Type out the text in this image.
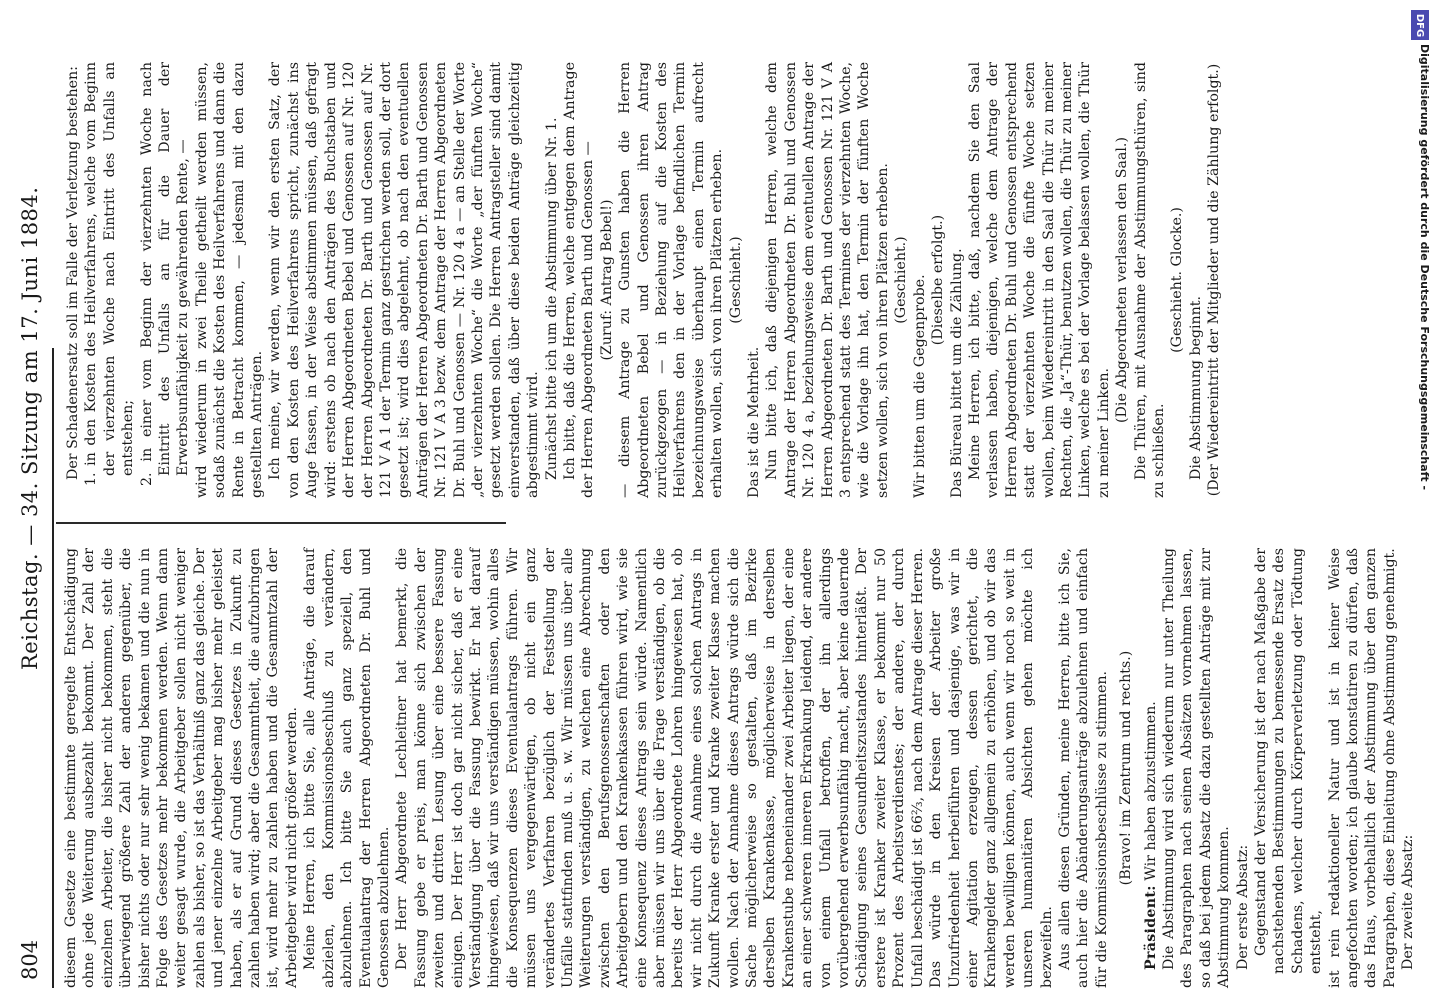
804
Reichstag. — 34. Sitzung am 17. Juni 1884.

diesem Gesetze eine bestimmte geregelte Entschädigung ohne jede Weiterung ausbezahlt bekommt. Der Zahl der einzelnen Arbeiter, die bisher nicht bekommen, steht die überwiegend größere Zahl der anderen gegenüber, die bisher nichts oder nur sehr wenig bekamen und die nun in Folge des Gesetzes mehr bekommen werden. Wenn dann weiter gesagt wurde, die Arbeitgeber sollen nicht weniger zahlen als bisher, so ist das Verhältniß ganz das gleiche. Der und jener einzelne Arbeitgeber mag bisher mehr geleistet haben, als er auf Grund dieses Gesetzes in Zukunft zu zahlen haben wird; aber die Gesammtheit, die aufzubringen ist, wird mehr zu zahlen haben und die Gesammtzahl der Arbeitgeber wird nicht größer werden. Meine Herren, ich bitte Sie, alle Anträge, die darauf abzielen, den Kommissionsbeschluß zu verändern, abzulehnen. Ich bitte Sie auch ganz speziell, den Eventualantrag der Herren Abgeordneten Dr. Buhl und Genossen abzulehnen. Der Herr Abgeordnete Lechleitner hat bemerkt, die Fassung gebe er preis, man könne sich zwischen der zweiten und dritten Lesung über eine bessere Fassung einigen. Der Herr ist doch gar nicht sicher, daß er eine Verständigung über die Fassung bewirkt. Er hat darauf hingewiesen, daß wir uns verständigen müssen, wohin alles die Konsequenzen dieses Eventualantrags führen. Wir müssen uns vergegenwärtigen, ob nicht ein ganz verändertes Verfahren bezüglich der Feststellung der Unfälle stattfinden muß u. s. w. Wir müssen uns über alle Weiterungen verständigen, zu welchen eine Abrechnung zwischen den Berufsgenossenschaften oder den Arbeitgebern und den Krankenkassen führen wird, wie sie eine Konsequenz dieses Antrags sein würde. Namentlich aber müssen wir uns über die Frage verständigen, ob die bereits der Herr Abgeordnete Lohren hingewiesen hat, ob wir nicht durch die Annahme eines solchen Antrags in Zukunft Kranke erster und Kranke zweiter Klasse machen wollen. Nach der Annahme dieses Antrags würde sich die Sache möglicherweise so gestalten, daß im Bezirke derselben Krankenkasse, möglicherweise in derselben Krankenstube nebeneinander zwei Arbeiter liegen, der eine an einer schweren inneren Erkrankung leidend, der andere von einem Unfall betroffen, der ihn allerdings vorübergehend erwerbsunfähig macht, aber keine dauernde Schädigung seines Gesundheitszustandes hinterläßt. Der erstere ist Kranker zweiter Klasse, er bekommt nur 50 Prozent des Arbeitsverdienstes; der andere, der durch Unfall beschädigt ist 66⅔, nach dem Antrage dieser Herren. Das würde in den Kreisen der Arbeiter große Unzufriedenheit herbeiführen und dasjenige, was wir in einer Agitation erzeugen, dessen gerichtet, die Krankengelder ganz allgemein zu erhöhen, und ob wir das werden bewilligen können, auch wenn wir noch so weit in unseren humanitären Absichten gehen möchte ich bezweifeln. Aus allen diesen Gründen, meine Herren, bitte ich Sie, auch hier die Abänderungsanträge abzulehnen und einfach für die Kommissionsbeschlüsse zu stimmen. (Bravo! im Zentrum und rechts.)

Präsident: Wir haben abzustimmen. Die Abstimmung wird sich wiederum nur unter Theilung des Paragraphen nach seinen Absätzen vornehmen lassen, so daß bei jedem Absatz die dazu gestellten Anträge mit zur Abstimmung kommen. Der erste Absatz: Gegenstand der Versicherung ist der nach Maßgabe der nachstehenden Bestimmungen zu bemessende Ersatz des Schadens, welcher durch Körperverletzung oder Tödtung entsteht, ist rein redaktioneller Natur und ist in keiner Weise angefochten worden; ich glaube konstatiren zu dürfen, daß das Haus, vorbehaltlich der Abstimmung über den ganzen Paragraphen, diese Einleitung ohne Abstimmung genehmigt. Der zweite Absatz:

Der Schadenersatz soll im Falle der Verletzung bestehen: 1. in den Kosten des Heilverfahrens, welche vom Beginn der vierzehnten Woche nach Eintritt des Unfalls an entstehen; 2. in einer vom Beginn der vierzehnten Woche nach Eintritt des Unfalls an für die Dauer der Erwerbsunfähigkeit zu gewährenden Rente, — wird wiederum in zwei Theile getheilt werden müssen, sodaß zunächst die Kosten des Heilverfahrens und dann die Rente in Betracht kommen, — jedesmal mit den dazu gestellten Anträgen. Ich meine, wir werden, wenn wir den ersten Satz, der von den Kosten des Heilverfahrens spricht, zunächst ins Auge fassen, in der Weise abstimmen müssen, daß gefragt wird: erstens ob nach den Anträgen des Buchstaben und der Herren Abgeordneten Bebel und Genossen auf Nr. 120 der Herren Abgeordneten Dr. Barth und Genossen auf Nr. 121 V A 1 der Termin ganz gestrichen werden soll, der dort gesetzt ist; wird dies abgelehnt, ob nach den eventuellen Anträgen der Herren Abgeordneten Dr. Barth und Genossen Nr. 121 V A 3 bezw. dem Antrage der Herren Abgeordneten Dr. Buhl und Genossen — Nr. 120 4 a — an Stelle der Worte „der vierzehnten Woche“ die Worte „der fünften Woche“ gesetzt werden sollen. Die Herren Antragsteller sind damit einverstanden, daß über diese beiden Anträge gleichzeitig abgestimmt wird. Zunächst bitte ich um die Abstimmung über Nr. 1. Ich bitte, daß die Herren, welche entgegen dem Antrage der Herren Abgeordneten Barth und Genossen — (Zuruf: Antrag Bebel!) — diesem Antrage zu Gunsten haben die Herren Abgeordneten Bebel und Genossen ihren Antrag zurückgezogen — in Beziehung auf die Kosten des Heilverfahrens den in der Vorlage befindlichen Termin bezeichnungsweise überhaupt einen Termin aufrecht erhalten wollen, sich von ihren Plätzen erheben. (Geschieht.)

Das ist die Mehrheit. Nun bitte ich, daß diejenigen Herren, welche dem Antrage der Herren Abgeordneten Dr. Buhl und Genossen Nr. 120 4 a, beziehungsweise dem eventuellen Antrage der Herren Abgeordneten Dr. Barth und Genossen Nr. 121 V A 3 entsprechend statt des Termines der vierzehnten Woche, wie die Vorlage ihn hat, den Termin der fünften Woche setzen wollen, sich von ihren Plätzen erheben. (Geschieht.) Wir bitten um die Gegenprobe. (Dieselbe erfolgt.) Das Büreau bittet um die Zählung. Meine Herren, ich bitte, daß, nachdem Sie den Saal verlassen haben, diejenigen, welche dem Antrage der Herren Abgeordneten Dr. Buhl und Genossen entsprechend statt der vierzehnten Woche die fünfte Woche setzen wollen, beim Wiedereintritt in den Saal die Thür zu meiner Rechten, die „Ja“-Thür, benutzen wollen, die Thür zu meiner Linken, welche es bei der Vorlage belassen wollen, die Thür zu meiner Linken.

(Die Abgeordneten verlassen den Saal.) Die Thüren, mit Ausnahme der Abstimmungsthüren, sind zu schließen.

(Geschieht. Glocke.)

Die Abstimmung beginnt. (Der Wiedereintritt der Mitglieder und die Zählung erfolgt.)

DFG
Digitalisierung gefördert durch die Deutsche Forschungsgemeinschaft -
